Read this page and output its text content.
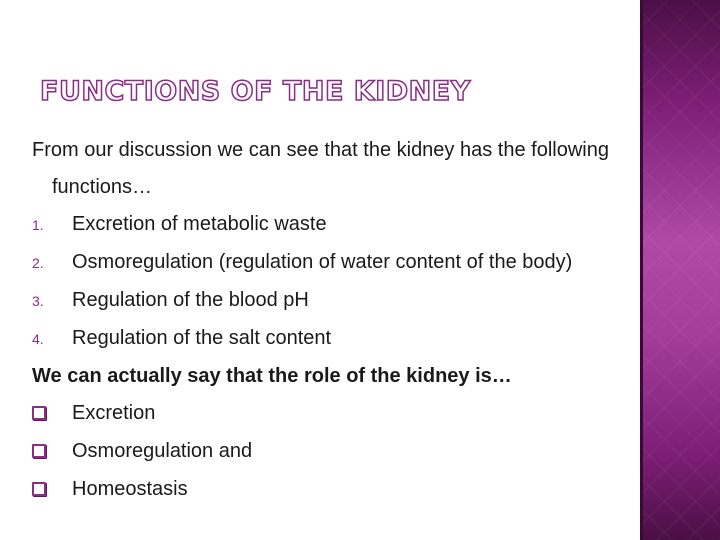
FUNCTIONS OF THE KIDNEY

From our discussion we can see that the kidney has the following functions…

1.	Excretion of metabolic waste
2.	Osmoregulation (regulation of water content of the body)
3.	Regulation of the blood pH
4.	Regulation of the salt content

We can actually say that the role of the kidney is…

Excretion
Osmoregulation and
Homeostasis
